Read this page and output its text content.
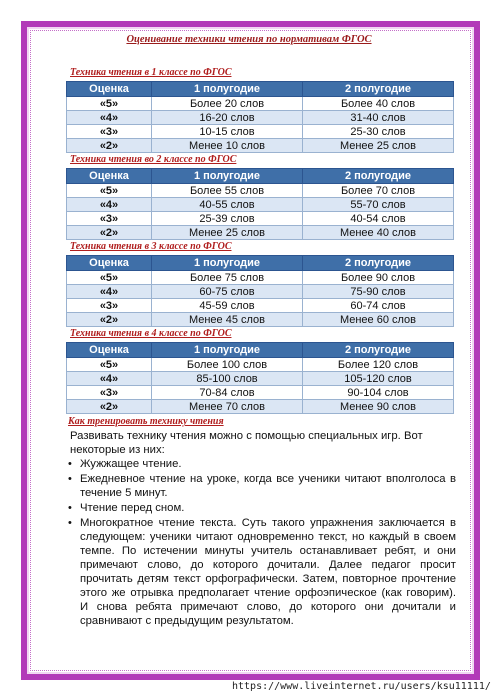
Оценивание техники чтения по нормативам ФГОС
Техника чтения в 1 классе по ФГОС
Оценка	1 полугодие	2 полугодие
«5»	Более 20 слов	Более 40 слов
«4»	16-20 слов	31-40 слов
«3»	10-15 слов	25-30 слов
«2»	Менее 10 слов	Менее 25 слов
Техника чтения во 2 классе по ФГОС
Оценка	1 полугодие	2 полугодие
«5»	Более 55 слов	Более 70 слов
«4»	40-55 слов	55-70 слов
«3»	25-39 слов	40-54 слов
«2»	Менее 25 слов	Менее 40 слов
Техника чтения в 3 классе по ФГОС
Оценка	1 полугодие	2 полугодие
«5»	Более 75 слов	Более 90 слов
«4»	60-75 слов	75-90 слов
«3»	45-59 слов	60-74 слов
«2»	Менее 45 слов	Менее 60 слов
Техника чтения в 4 классе по ФГОС
Оценка	1 полугодие	2 полугодие
«5»	Более 100 слов	Более 120 слов
«4»	85-100 слов	105-120 слов
«3»	70-84 слов	90-104 слов
«2»	Менее 70 слов	Менее 90 слов
Как тренировать технику чтения
Развивать технику чтения можно с помощью специальных игр. Вот некоторые из них:
• Жужжащее чтение.
• Ежедневное чтение на уроке, когда все ученики читают вполголоса в течение 5 минут.
• Чтение перед сном.
• Многократное чтение текста. Суть такого упражнения заключается в следующем: ученики читают одновременно текст, но каждый в своем темпе. По истечении минуты учитель останавливает ребят, и они примечают слово, до которого дочитали. Далее педагог просит прочитать детям текст орфографически. Затем, повторное прочтение этого же отрывка предполагает чтение орфоэпическое (как говорим). И снова ребята примечают слово, до которого они дочитали и сравнивают с предыдущим результатом.
https://www.liveinternet.ru/users/ksu11111/
